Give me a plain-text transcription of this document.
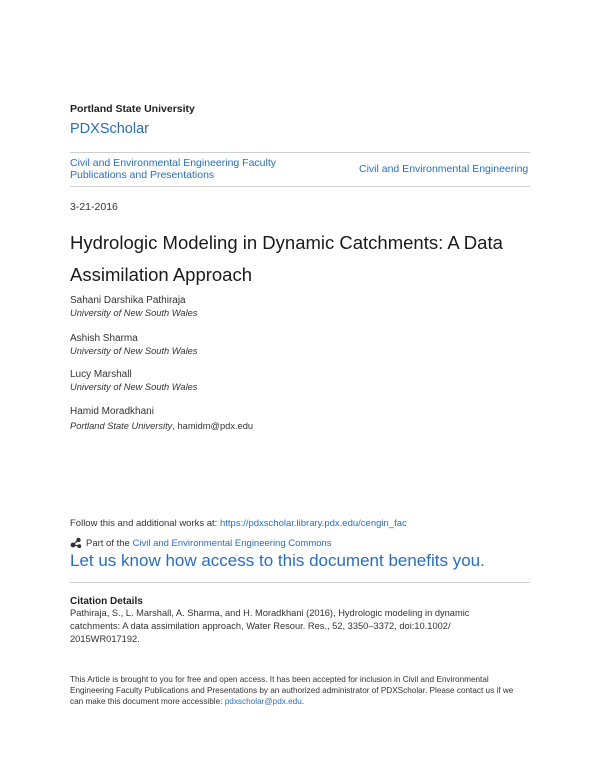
Portland State University
PDXScholar
Civil and Environmental Engineering Faculty Publications and Presentations	Civil and Environmental Engineering
3-21-2016
Hydrologic Modeling in Dynamic Catchments: A Data Assimilation Approach
Sahani Darshika Pathiraja
University of New South Wales
Ashish Sharma
University of New South Wales
Lucy Marshall
University of New South Wales
Hamid Moradkhani
Portland State University, hamidm@pdx.edu
Follow this and additional works at: https://pdxscholar.library.pdx.edu/cengin_fac
Part of the
Civil and Environmental Engineering Commons
Let us know how access to this document benefits you.
Citation Details
Pathiraja, S., L. Marshall, A. Sharma, and H. Moradkhani (2016), Hydrologic modeling in dynamic catchments: A data assimilation approach, Water Resour. Res., 52, 3350–3372, doi:10.1002/ 2015WR017192.
This Article is brought to you for free and open access. It has been accepted for inclusion in Civil and Environmental Engineering Faculty Publications and Presentations by an authorized administrator of PDXScholar. Please contact us if we can make this document more accessible: pdxscholar@pdx.edu.
